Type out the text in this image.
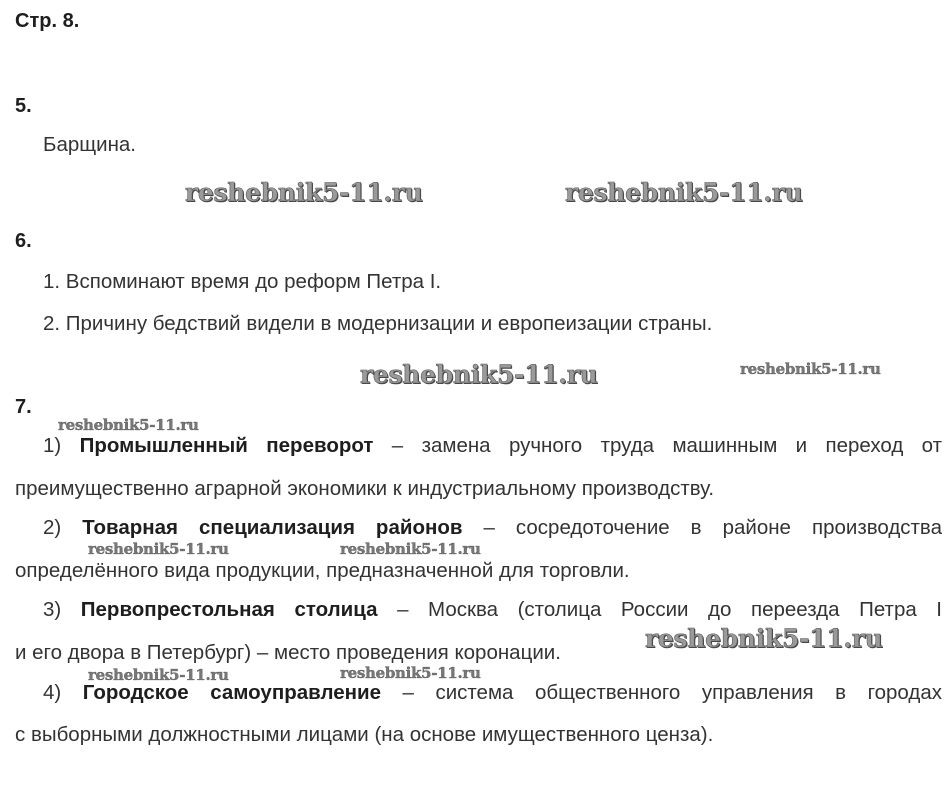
Стр. 8.
5.
Барщина.
6.
1. Вспоминают время до реформ Петра I.
2. Причину бедствий видели в модернизации и европеизации страны.
7.
1) Промышленный переворот – замена ручного труда машинным и переход от
преимущественно аграрной экономики к индустриальному производству.
2) Товарная специализация районов – сосредоточение в районе производства
определённого вида продукции, предназначенной для торговли.
3) Первопрестольная столица – Москва (столица России до переезда Петра I
и его двора в Петербург) – место проведения коронации.
4) Городское самоуправление – система общественного управления в городах
с выборными должностными лицами (на основе имущественного ценза).
reshebnik5-11.ru	reshebnik5-11.ru
reshebnik5-11.ru	reshebnik5-11.ru
reshebnik5-11.ru
reshebnik5-11.ru	reshebnik5-11.ru
reshebnik5-11.ru
reshebnik5-11.ru	reshebnik5-11.ru
